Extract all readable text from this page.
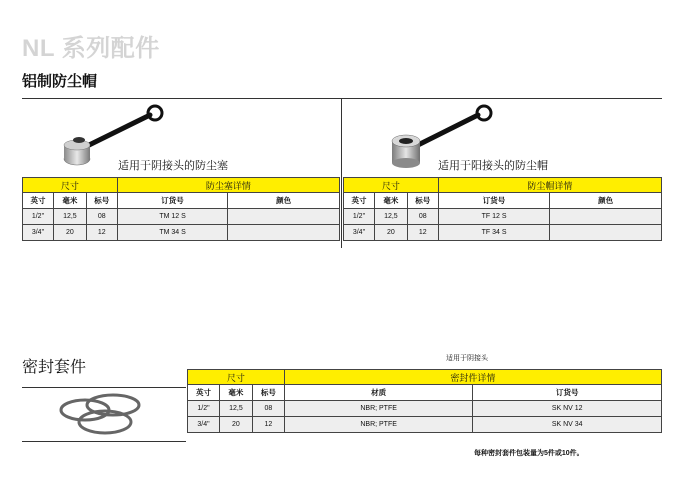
NL 系列配件
铝制防尘帽
适用于阴接头的防尘塞	适用于阳接头的防尘帽
尺寸			防尘塞详情	
英寸	毫米	标号	订货号	颜色
1/2"	12,5	08	TM 12 S	
3/4"	20	12	TM 34 S	
尺寸			防尘帽详情	
英寸	毫米	标号	订货号	颜色
1/2"	12,5	08	TF 12 S	
3/4"	20	12	TF 34 S	
密封套件
适用于阴接头
尺寸			密封件详情	
英寸	毫米	标号	材质	订货号
1/2"	12,5	08	NBR; PTFE	SK NV 12
3/4"	20	12	NBR; PTFE	SK NV 34
每种密封套件包装量为5件或10件。
